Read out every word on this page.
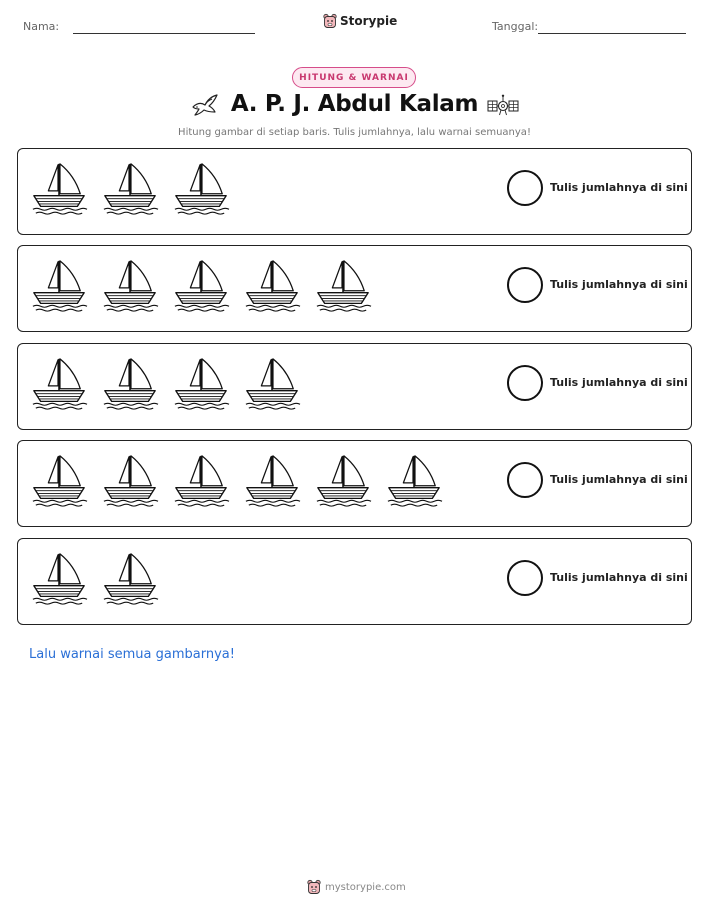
Nama:	Storypie	Tanggal:
HITUNG & WARNAI
A. P. J. Abdul Kalam
Hitung gambar di setiap baris. Tulis jumlahnya, lalu warnai semuanya!
Tulis jumlahnya di sini
Tulis jumlahnya di sini
Tulis jumlahnya di sini
Tulis jumlahnya di sini
Tulis jumlahnya di sini
Lalu warnai semua gambarnya!
mystorypie.com
